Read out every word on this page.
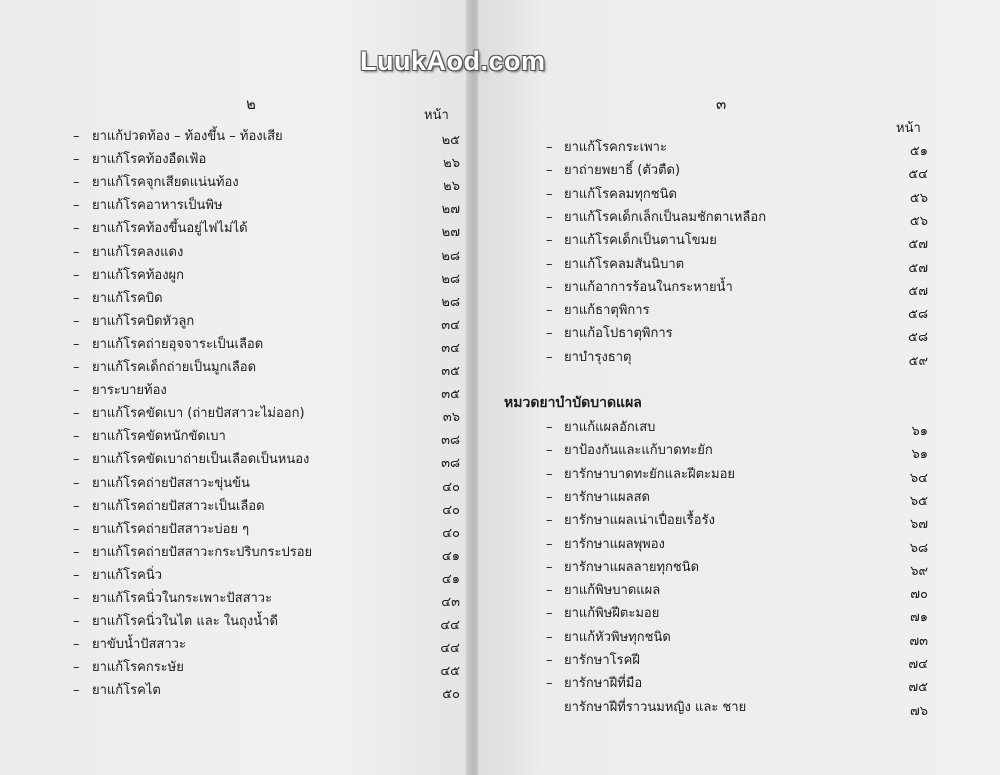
๒
หน้า
– ยาแก้ปวดท้อง – ท้องขึ้น – ท้องเสีย	๒๕
– ยาแก้โรคท้องอืดเฟ้อ	๒๖
– ยาแก้โรคจุกเสียดแน่นท้อง	๒๖
– ยาแก้โรคอาหารเป็นพิษ	๒๗
– ยาแก้โรคท้องขึ้นอยู่ไฟไม่ได้	๒๗
– ยาแก้โรคลงแดง	๒๘
– ยาแก้โรคท้องผูก	๒๘
– ยาแก้โรคบิด	๒๘
– ยาแก้โรคบิดหัวลูก	๓๔
– ยาแก้โรคถ่ายอุจจาระเป็นเลือด	๓๔
– ยาแก้โรคเด็กถ่ายเป็นมูกเลือด	๓๕
– ยาระบายท้อง	๓๕
– ยาแก้โรคขัดเบา (ถ่ายปัสสาวะไม่ออก)	๓๖
– ยาแก้โรคขัดหนักขัดเบา	๓๘
– ยาแก้โรคขัดเบาถ่ายเป็นเลือดเป็นหนอง	๓๘
– ยาแก้โรคถ่ายปัสสาวะขุ่นข้น	๔๐
– ยาแก้โรคถ่ายปัสสาวะเป็นเลือด	๔๐
– ยาแก้โรคถ่ายปัสสาวะบ่อย ๆ	๔๐
– ยาแก้โรคถ่ายปัสสาวะกระปริบกระปรอย	๔๑
– ยาแก้โรคนิ่ว	๔๑
– ยาแก้โรคนิ่วในกระเพาะปัสสาวะ	๔๓
– ยาแก้โรคนิ่วในไต และ ในถุงน้ำดี	๔๔
– ยาขับน้ำปัสสาวะ	๔๔
– ยาแก้โรคกระษัย	๔๕
– ยาแก้โรคไต	๕๐
๓
หน้า
– ยาแก้โรคกระเพาะ	๕๑
– ยาถ่ายพยาธิ์ (ตัวตืด)	๕๔
– ยาแก้โรคลมทุกชนิด	๕๖
– ยาแก้โรคเด็กเล็กเป็นลมชักตาเหลือก	๕๖
– ยาแก้โรคเด็กเป็นตานโขมย	๕๗
– ยาแก้โรคลมสันนิบาต	๕๗
– ยาแก้อาการร้อนในกระหายน้ำ	๕๗
– ยาแก้ธาตุพิการ	๕๘
– ยาแก้อโปธาตุพิการ	๕๘
– ยาบำรุงธาตุ	๕๙
หมวดยาบำบัดบาดแผล
– ยาแก้แผลอักเสบ	๖๑
– ยาป้องกันและแก้บาดทะยัก	๖๑
– ยารักษาบาดทะยักและฝีตะมอย	๖๔
– ยารักษาแผลสด	๖๕
– ยารักษาแผลเน่าเปื่อยเรื้อรัง	๖๗
– ยารักษาแผลพุพอง	๖๘
– ยารักษาแผลลายทุกชนิด	๖๙
– ยาแก้พิษบาดแผล	๗๐
– ยาแก้พิษฝีตะมอย	๗๑
– ยาแก้หัวพิษทุกชนิด	๗๓
– ยารักษาโรคฝี	๗๔
– ยารักษาฝีที่มือ	๗๕
ยารักษาฝีที่ราวนมหญิง และ ชาย	๗๖
LuukAod.com
